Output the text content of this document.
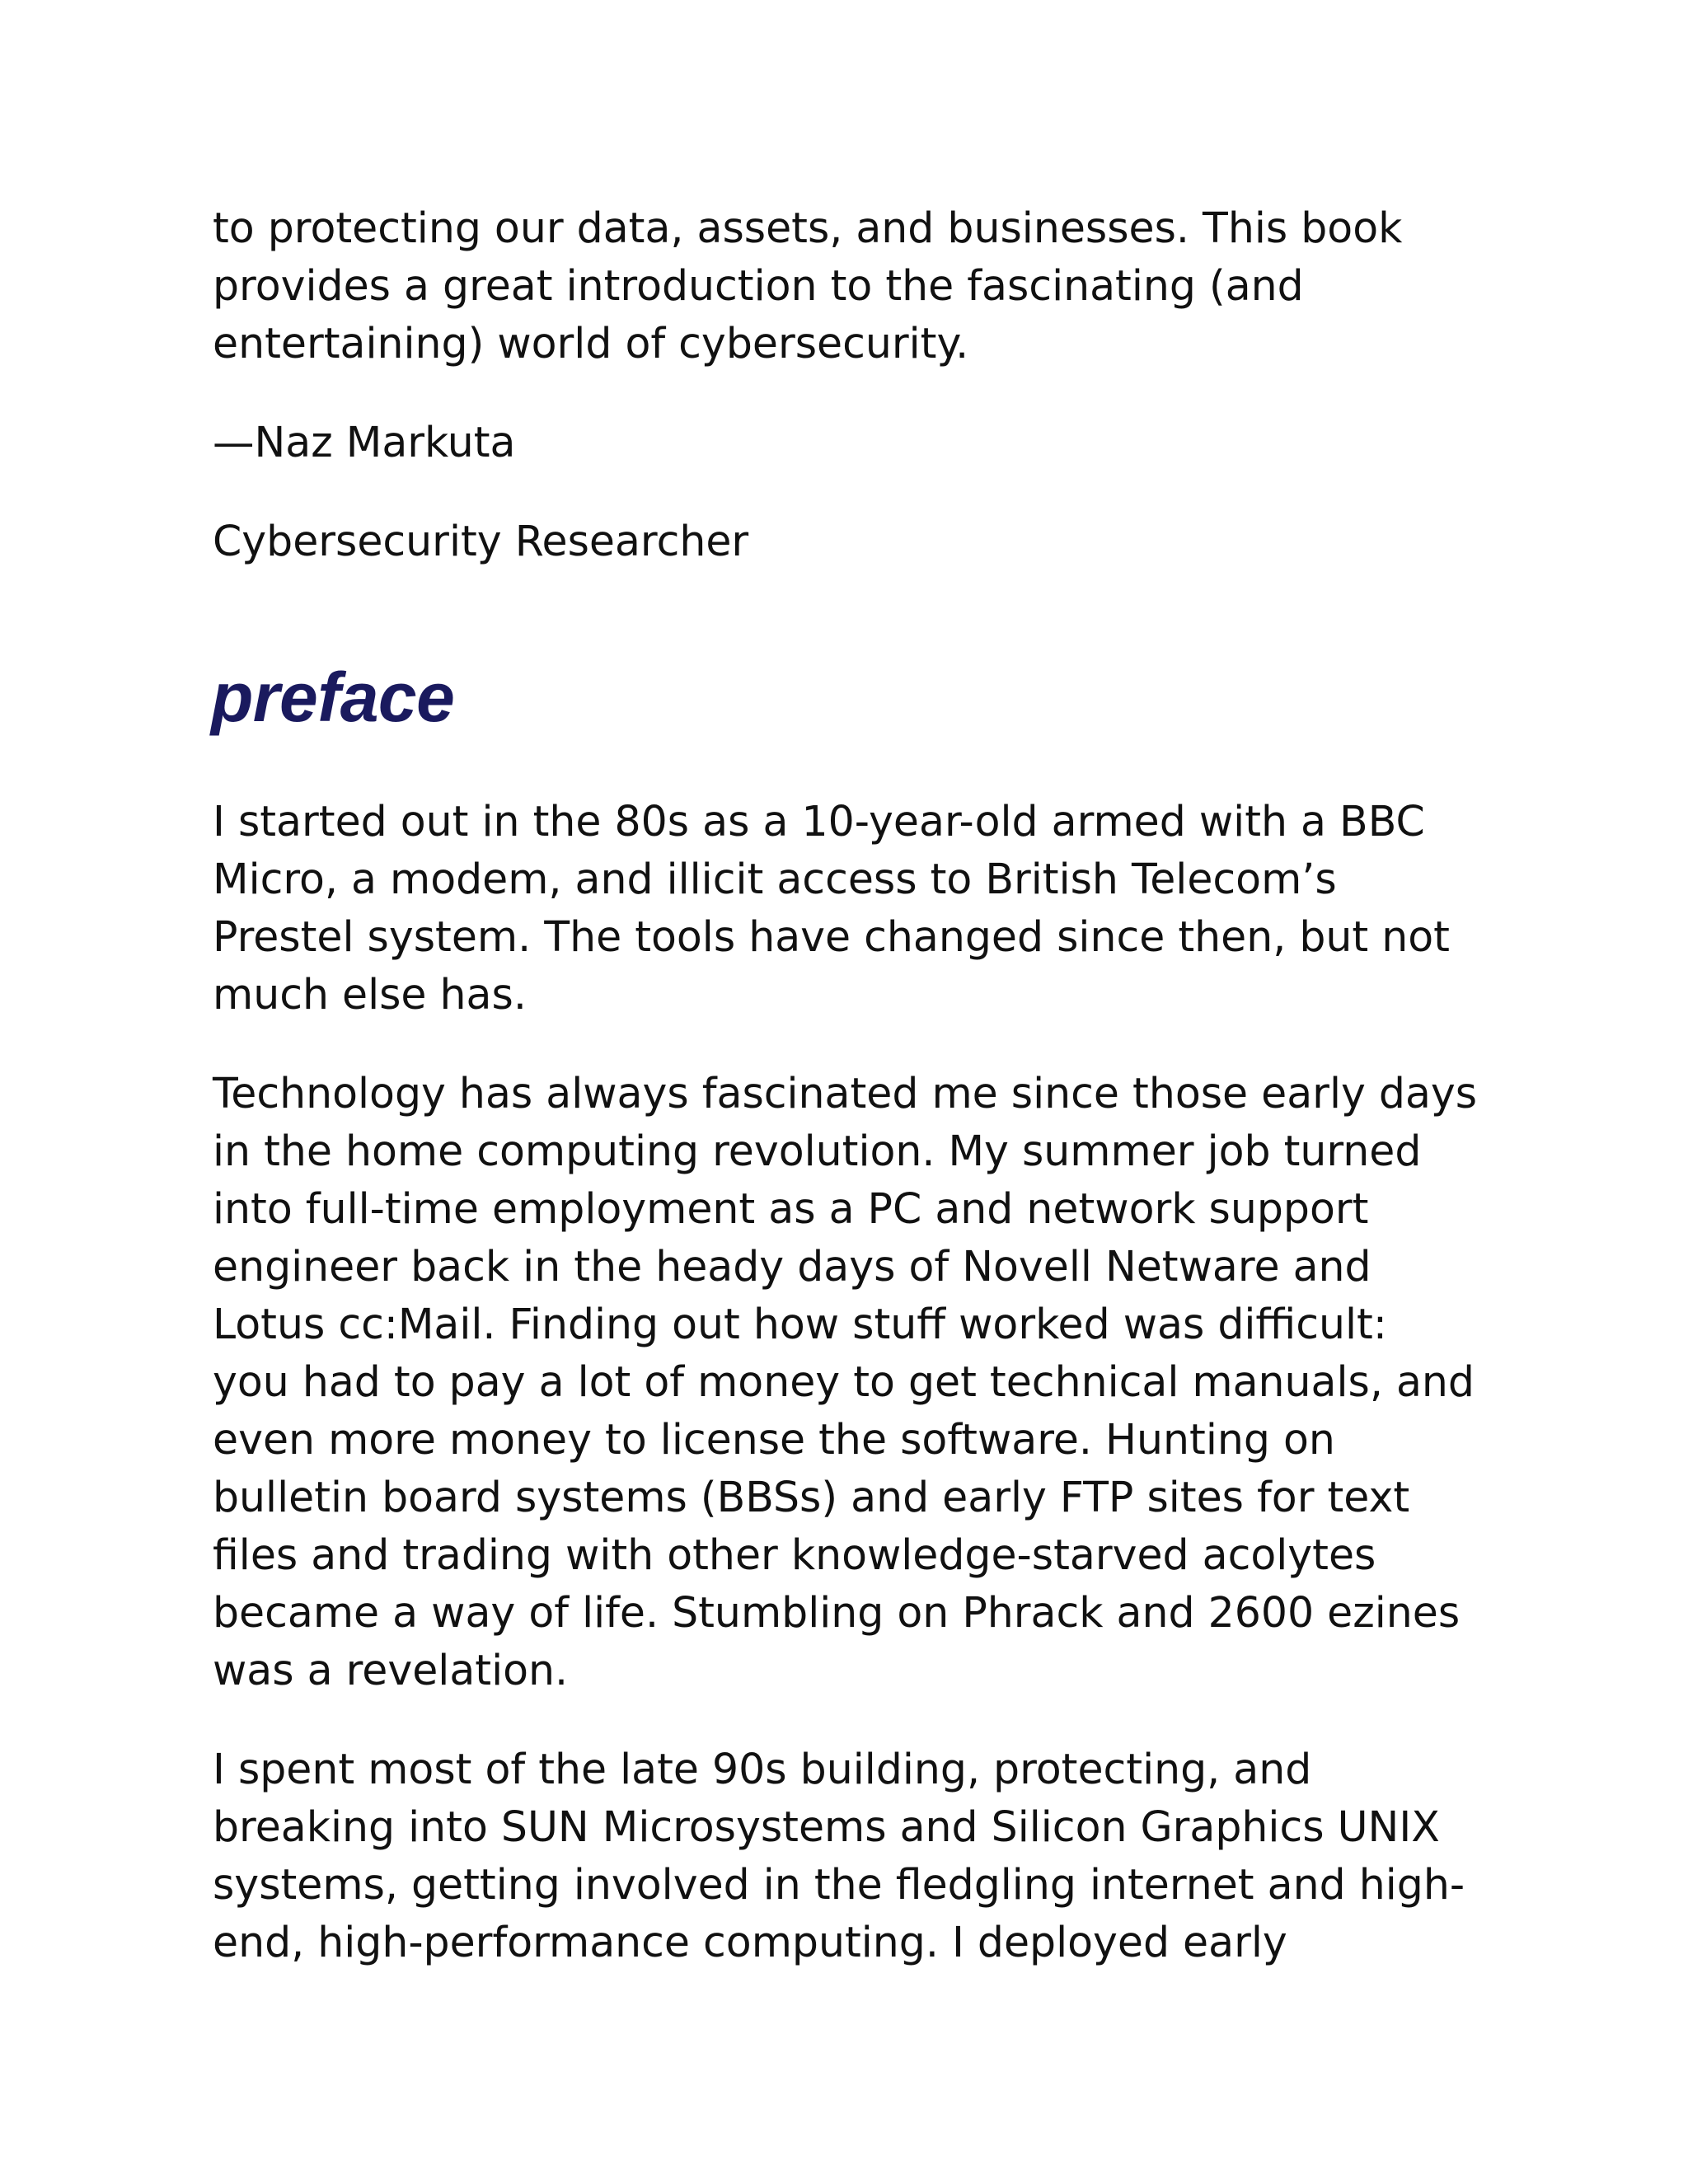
to protecting our data, assets, and businesses. This book
provides a great introduction to the fascinating (and
entertaining) world of cybersecurity.

—Naz Markuta

Cybersecurity Researcher

preface

I started out in the 80s as a 10-year-old armed with a BBC
Micro, a modem, and illicit access to British Telecom’s
Prestel system. The tools have changed since then, but not
much else has.

Technology has always fascinated me since those early days
in the home computing revolution. My summer job turned
into full-time employment as a PC and network support
engineer back in the heady days of Novell Netware and
Lotus cc:Mail. Finding out how stuff worked was difficult:
you had to pay a lot of money to get technical manuals, and
even more money to license the software. Hunting on
bulletin board systems (BBSs) and early FTP sites for text
files and trading with other knowledge-starved acolytes
became a way of life. Stumbling on Phrack and 2600 ezines
was a revelation.

I spent most of the late 90s building, protecting, and
breaking into SUN Microsystems and Silicon Graphics UNIX
systems, getting involved in the fledgling internet and high-
end, high-performance computing. I deployed early
